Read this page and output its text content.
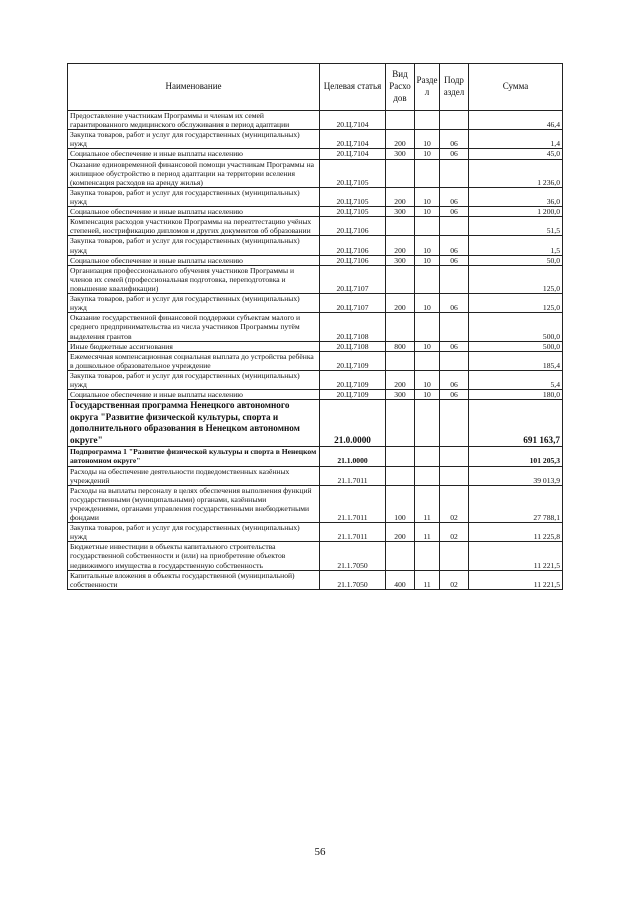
Наименование	Целевая статья	Вид Расхо дов	Разде л	Подр аздел	Сумма
Предоставление участникам Программы и членам их семей гарантированного медицинского обслуживания в период адаптации	20.Ц.7104				46,4
Закупка товаров, работ и услуг для государственных (муниципальных) нужд	20.Ц.7104	200	10	06	1,4
Социальное обеспечение и иные выплаты населению	20.Ц.7104	300	10	06	45,0
Оказание единовременной финансовой помощи участникам Программы на жилищное обустройство в период адаптации на территории вселения (компенсация расходов на аренду жилья)	20.Ц.7105				1 236,0
Закупка товаров, работ и услуг для государственных (муниципальных) нужд	20.Ц.7105	200	10	06	36,0
Социальное обеспечение и иные выплаты населению	20.Ц.7105	300	10	06	1 200,0
Компенсация расходов участников Программы на переаттестацию учёных степеней, нострификацию дипломов и других документов об образовании	20.Ц.7106				51,5
Закупка товаров, работ и услуг для государственных (муниципальных) нужд	20.Ц.7106	200	10	06	1,5
Социальное обеспечение и иные выплаты населению	20.Ц.7106	300	10	06	50,0
Организация профессионального обучения участников Программы и членов их семей (профессиональная подготовка, переподготовка и повышение квалификации)	20.Ц.7107				125,0
Закупка товаров, работ и услуг для государственных (муниципальных) нужд	20.Ц.7107	200	10	06	125,0
Оказание государственной финансовой поддержки субъектам малого и среднего предпринимательства из числа участников Программы путём выделения грантов	20.Ц.7108				500,0
Иные бюджетные ассигнования	20.Ц.7108	800	10	06	500,0
Ежемесячная компенсационная социальная выплата до устройства ребёнка в дошкольное образовательное учреждение	20.Ц.7109				185,4
Закупка товаров, работ и услуг для государственных (муниципальных) нужд	20.Ц.7109	200	10	06	5,4
Социальное обеспечение и иные выплаты населению	20.Ц.7109	300	10	06	180,0
Государственная программа Ненецкого автономного округа "Развитие физической культуры, спорта и дополнительного образования в Ненецком автономном округе"	21.0.0000				691 163,7
Подпрограмма 1 "Развитие физической культуры и спорта в Ненецком автономном округе"	21.1.0000				101 205,3
Расходы на обеспечение деятельности подведомственных казённых учреждений	21.1.7011				39 013,9
Расходы на выплаты персоналу в целях обеспечения выполнения функций государственными (муниципальными) органами, казёнными учреждениями, органами управления государственными внебюджетными фондами	21.1.7011	100	11	02	27 788,1
Закупка товаров, работ и услуг для государственных (муниципальных) нужд	21.1.7011	200	11	02	11 225,8
Бюджетные инвестиции в объекты капитального строительства государственной собственности и (или) на приобретение объектов недвижимого имущества в государственную собственность	21.1.7050				11 221,5
Капитальные вложения в объекты государственной (муниципальной) собственности	21.1.7050	400	11	02	11 221,5
56
